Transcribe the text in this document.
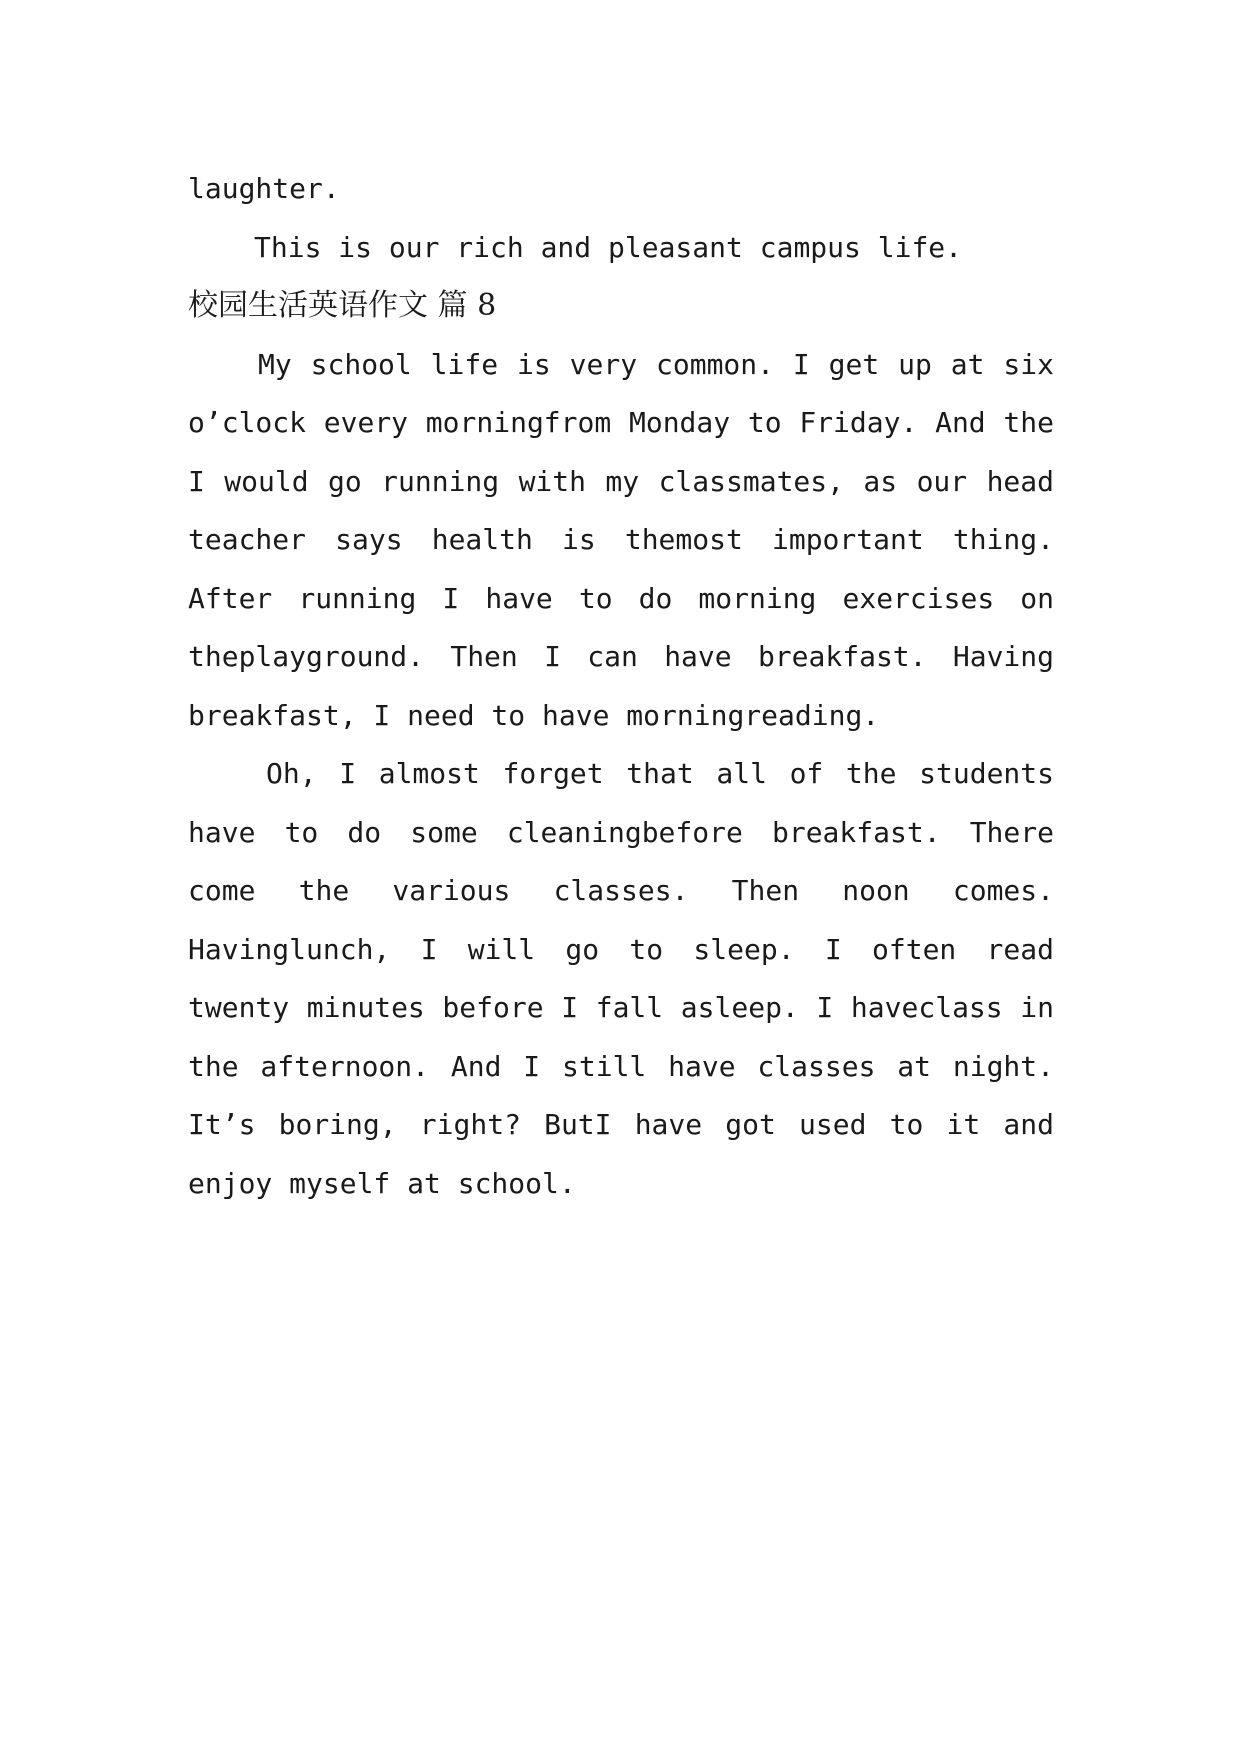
laughter.
This is our rich and pleasant campus life.
校园生活英语作文 篇 8
My school life is very common. I get up at six
o’clock every morningfrom Monday to Friday. And the
I would go running with my classmates, as our head
teacher says health is themost important thing.
After running I have to do morning exercises on
theplayground. Then I can have breakfast. Having
breakfast, I need to have morningreading.
Oh, I almost forget that all of the students
have to do some cleaningbefore breakfast. There
come the various classes. Then noon comes.
Havinglunch, I will go to sleep. I often read
twenty minutes before I fall asleep. I haveclass in
the afternoon. And I still have classes at night.
It’s boring, right? ButI have got used to it and
enjoy myself at school.
